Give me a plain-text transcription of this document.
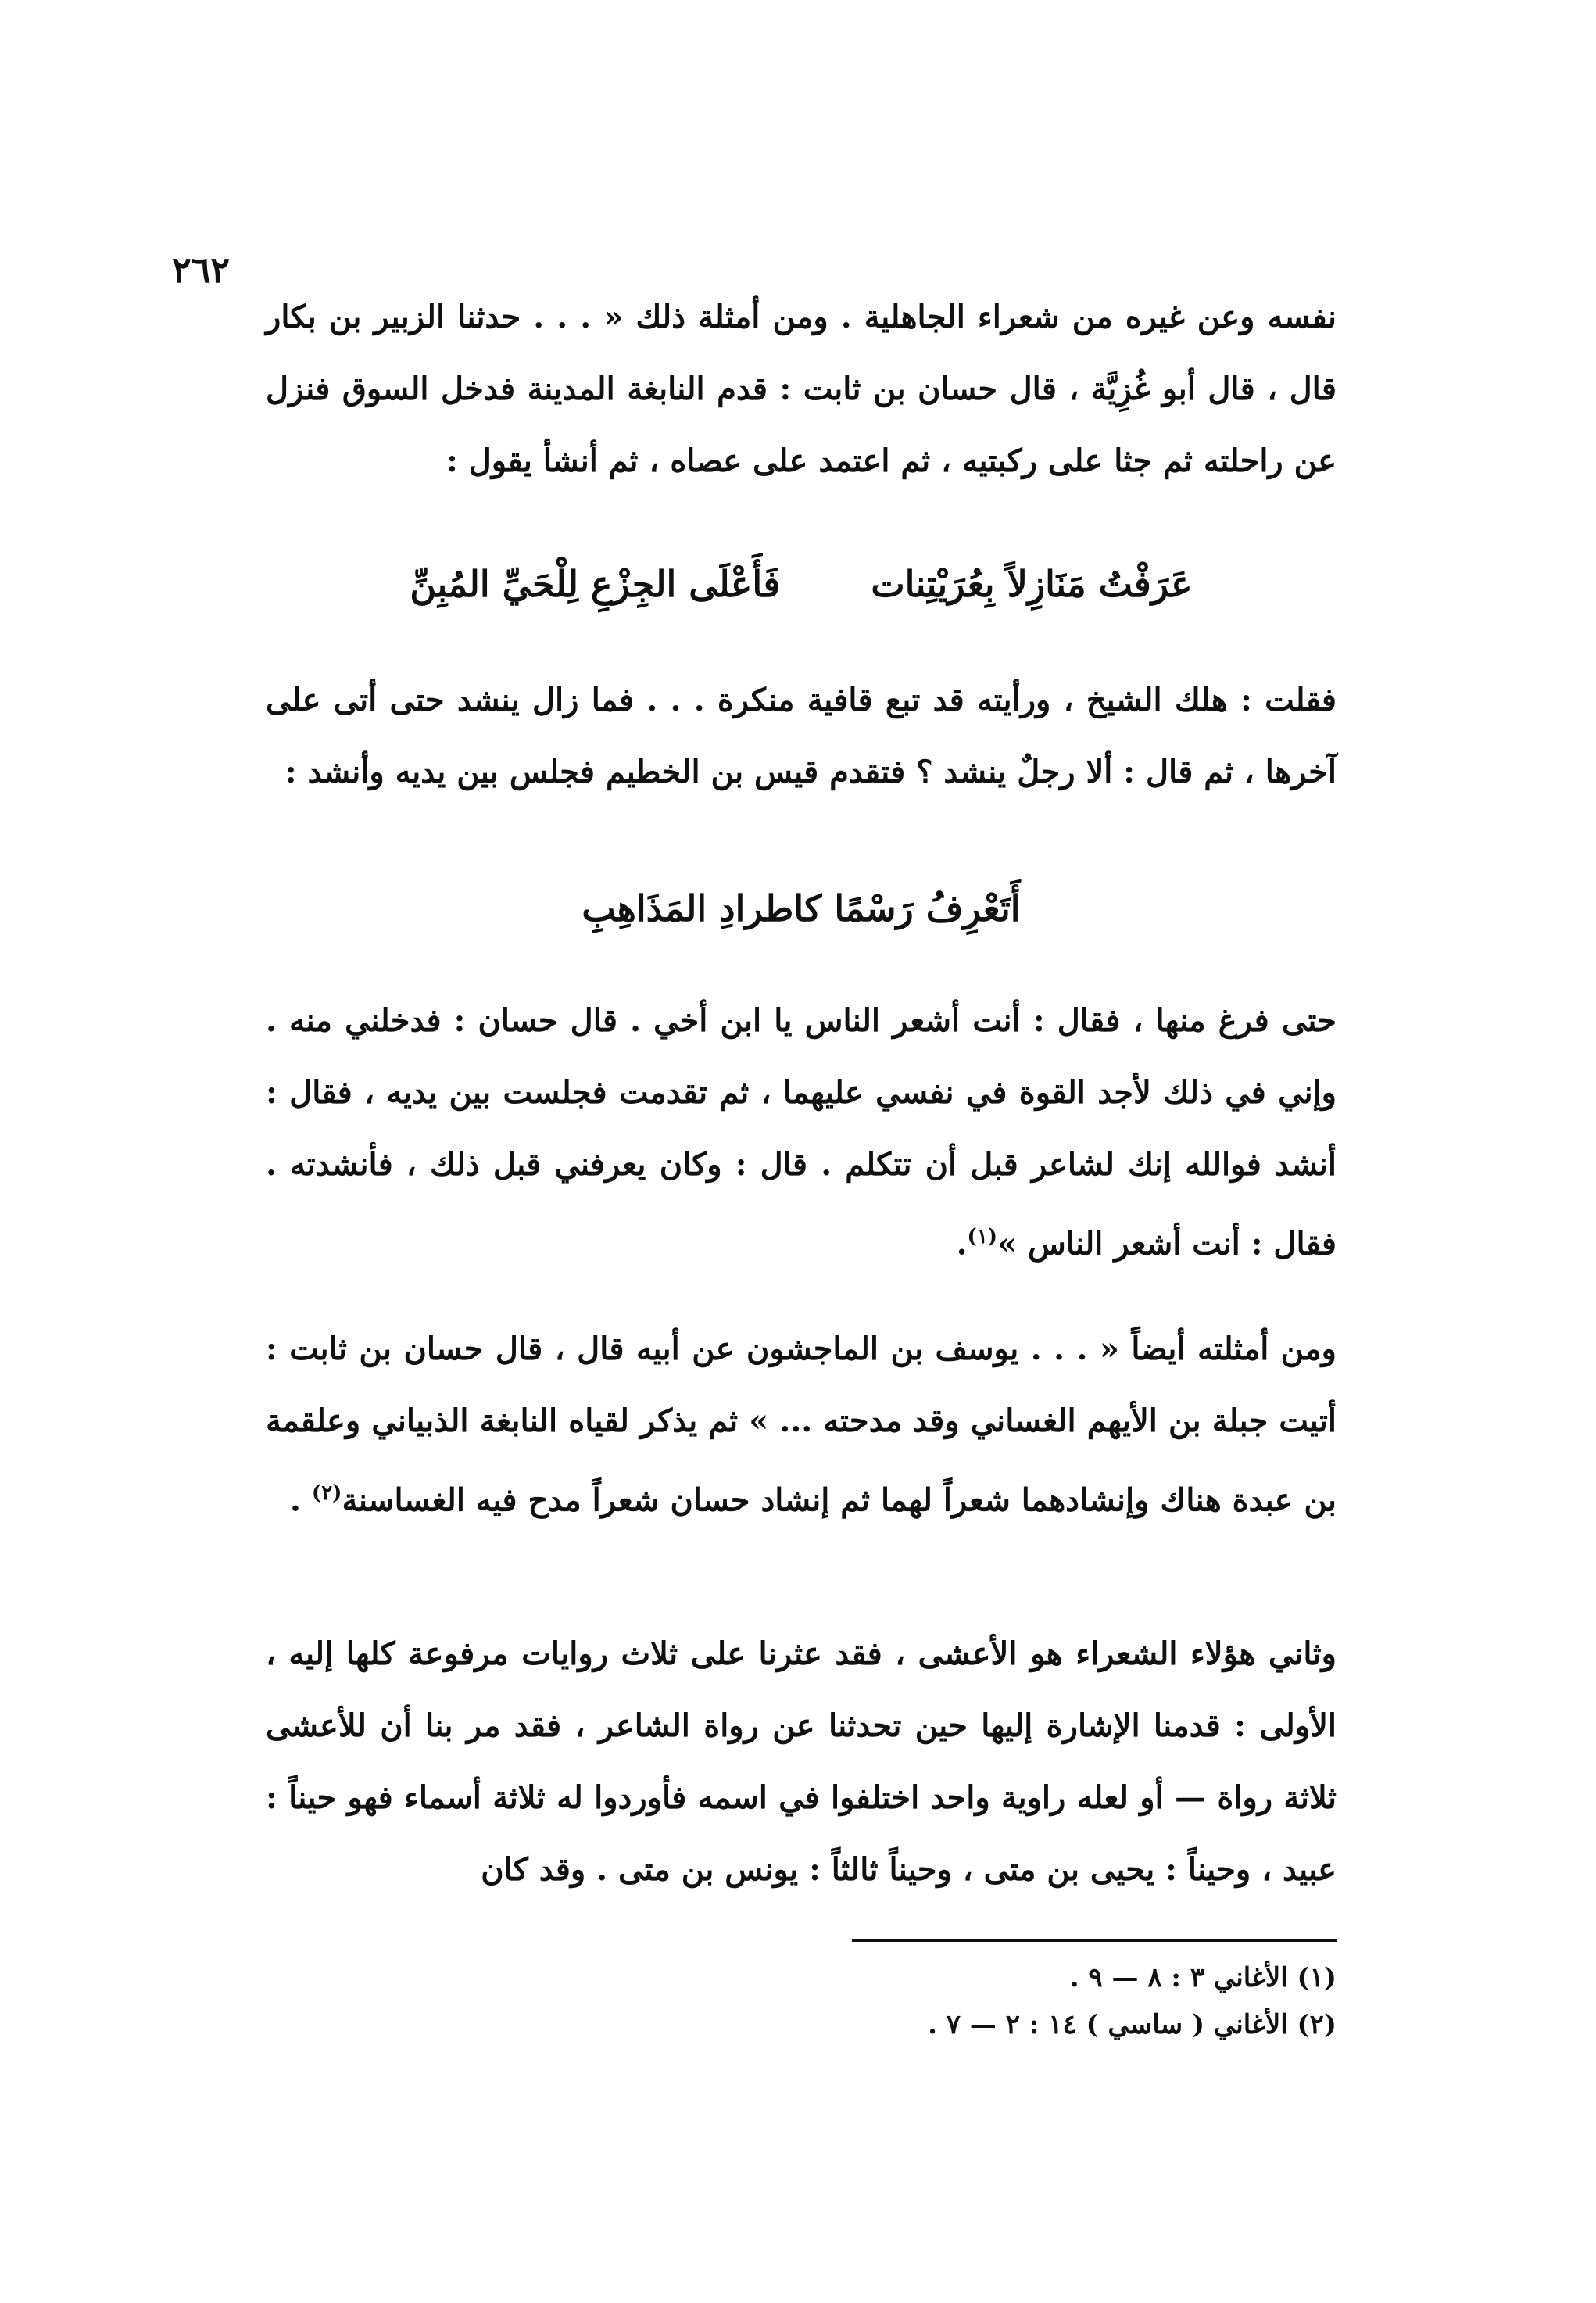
٢٦٢

نفسه وعن غيره من شعراء الجاهلية . ومن أمثلة ذلك « . . . حدثنا الزبير بن بكار قال ، قال أبو غُزِيَّة ، قال حسان بن ثابت : قدم النابغة المدينة فدخل السوق فنزل عن راحلته ثم جثا على ركبتيه ، ثم اعتمد على عصاه ، ثم أنشأ يقول :

عَرَفْتُ مَنَازِلاً بِعُرَيْتِنات فَأَعْلَى الجِزْعِ لِلْحَيِّ المُبِنِّ

فقلت : هلك الشيخ ، ورأيته قد تبع قافية منكرة . . . فما زال ينشد حتى أتى على آخرها ، ثم قال : ألا رجلٌ ينشد ؟ فتقدم قيس بن الخطيم فجلس بين يديه وأنشد :

أَتَعْرِفُ رَسْمًا كاطرادِ المَذَاهِبِ

حتى فرغ منها ، فقال : أنت أشعر الناس يا ابن أخي . قال حسان : فدخلني منه . وإني في ذلك لأجد القوة في نفسي عليهما ، ثم تقدمت فجلست بين يديه ، فقال : أنشد فوالله إنك لشاعر قبل أن تتكلم . قال : وكان يعرفني قبل ذلك ، فأنشدته . فقال : أنت أشعر الناس »$^{(١)}$.

ومن أمثلته أيضاً « . . . يوسف بن الماجشون عن أبيه قال ، قال حسان بن ثابت : أتيت جبلة بن الأيهم الغساني وقد مدحته ... » ثم يذكر لقياه النابغة الذبياني وعلقمة بن عبدة هناك وإنشادهما شعراً لهما ثم إنشاد حسان شعراً مدح فيه الغساسنة$^{(٢)}$ .

وثاني هؤلاء الشعراء هو الأعشى ، فقد عثرنا على ثلاث روايات مرفوعة كلها إليه ، الأولى : قدمنا الإشارة إليها حين تحدثنا عن رواة الشاعر ، فقد مر بنا أن للأعشى ثلاثة رواة — أو لعله راوية واحد اختلفوا في اسمه فأوردوا له ثلاثة أسماء فهو حيناً : عبيد ، وحيناً : يحيى بن متى ، وحيناً ثالثاً : يونس بن متى . وقد كان

(١) الأغاني ٣ : ٨ — ٩ .
(٢) الأغاني ( ساسي ) ١٤ : ٢ — ٧ .
